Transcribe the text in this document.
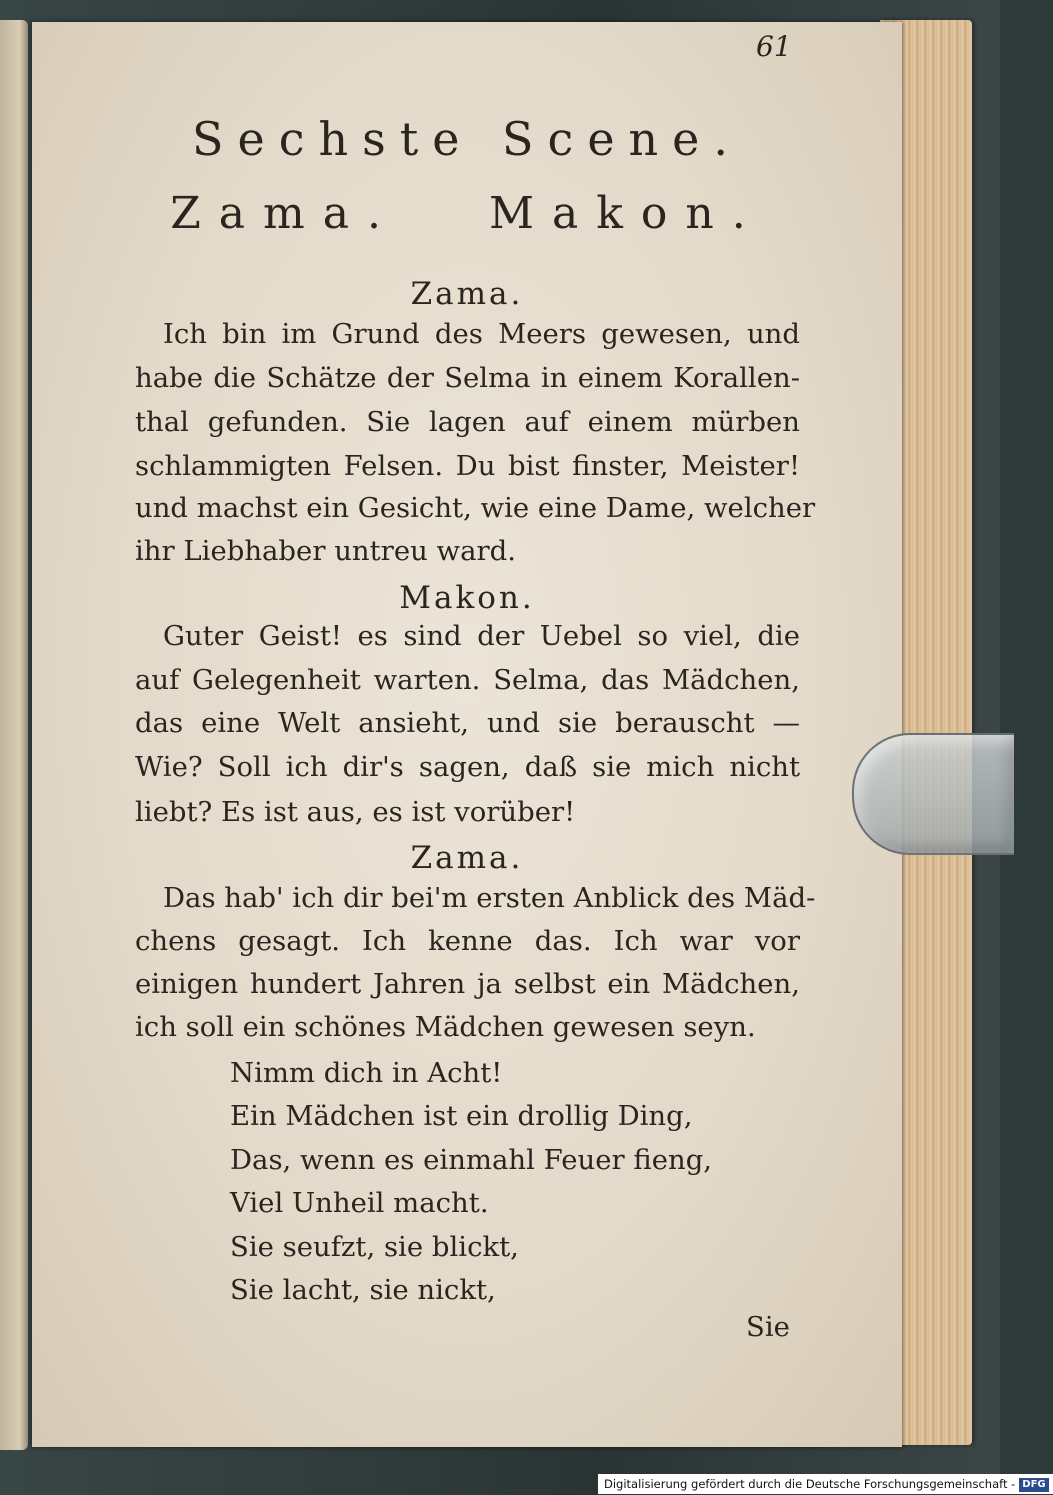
61
Sechste Scene.
Zama. Makon.
Zama.
Ich bin im Grund des Meers gewesen, und
habe die Schätze der Selma in einem Korallen-
thal gefunden. Sie lagen auf einem mürben
schlammigten Felsen. Du bist finster, Meister!
und machst ein Gesicht, wie eine Dame, welcher
ihr Liebhaber untreu ward.
Makon.
Guter Geist! es sind der Uebel so viel, die
auf Gelegenheit warten. Selma, das Mädchen,
das eine Welt ansieht, und sie berauscht —
Wie? Soll ich dir's sagen, daß sie mich nicht
liebt? Es ist aus, es ist vorüber!
Zama.
Das hab' ich dir bei'm ersten Anblick des Mäd-
chens gesagt. Ich kenne das. Ich war vor
einigen hundert Jahren ja selbst ein Mädchen,
ich soll ein schönes Mädchen gewesen seyn.
Nimm dich in Acht!
Ein Mädchen ist ein drollig Ding,
Das, wenn es einmahl Feuer fieng,
Viel Unheil macht.
Sie seufzt, sie blickt,
Sie lacht, sie nickt,
Sie
Digitalisierung gefördert durch die Deutsche Forschungsgemeinschaft - DFG
